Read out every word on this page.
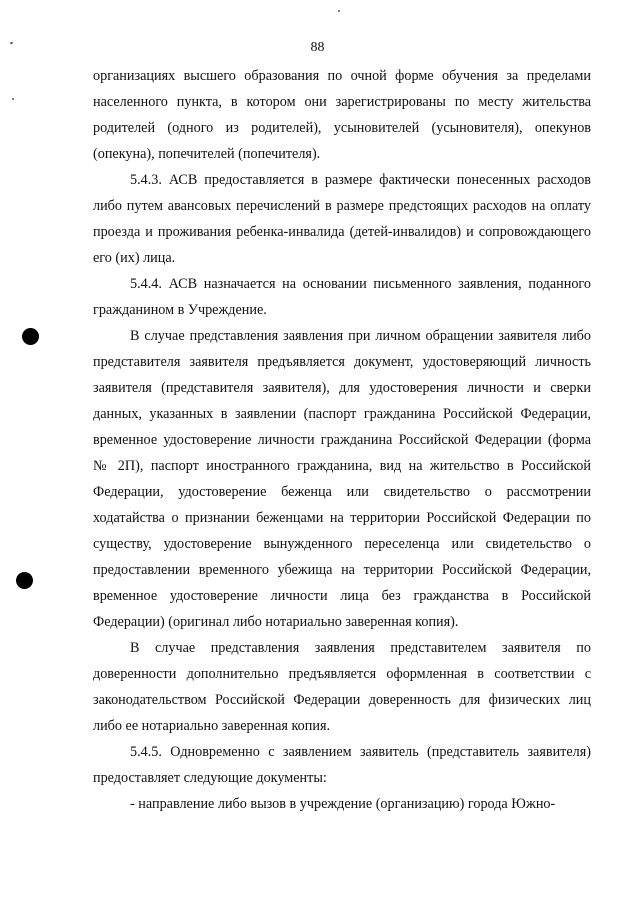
88

организациях высшего образования по очной форме обучения за пределами населенного пункта, в котором они зарегистрированы по месту жительства родителей (одного из родителей), усыновителей (усыновителя), опекунов (опекуна), попечителей (попечителя).

5.4.3. АСВ предоставляется в размере фактически понесенных расходов либо путем авансовых перечислений в размере предстоящих расходов на оплату проезда и проживания ребенка-инвалида (детей-инвалидов) и сопровождающего его (их) лица.

5.4.4. АСВ назначается на основании письменного заявления, поданного гражданином в Учреждение.

В случае представления заявления при личном обращении заявителя либо представителя заявителя предъявляется документ, удостоверяющий личность заявителя (представителя заявителя), для удостоверения личности и сверки данных, указанных в заявлении (паспорт гражданина Российской Федерации, временное удостоверение личности гражданина Российской Федерации (форма № 2П), паспорт иностранного гражданина, вид на жительство в Российской Федерации, удостоверение беженца или свидетельство о рассмотрении ходатайства о признании беженцами на территории Российской Федерации по существу, удостоверение вынужденного переселенца или свидетельство о предоставлении временного убежища на территории Российской Федерации, временное удостоверение личности лица без гражданства в Российской Федерации) (оригинал либо нотариально заверенная копия).

В случае представления заявления представителем заявителя по доверенности дополнительно предъявляется оформленная в соответствии с законодательством Российской Федерации доверенность для физических лиц либо ее нотариально заверенная копия.

5.4.5. Одновременно с заявлением заявитель (представитель заявителя) предоставляет следующие документы:

- направление либо вызов в учреждение (организацию) города Южно-
